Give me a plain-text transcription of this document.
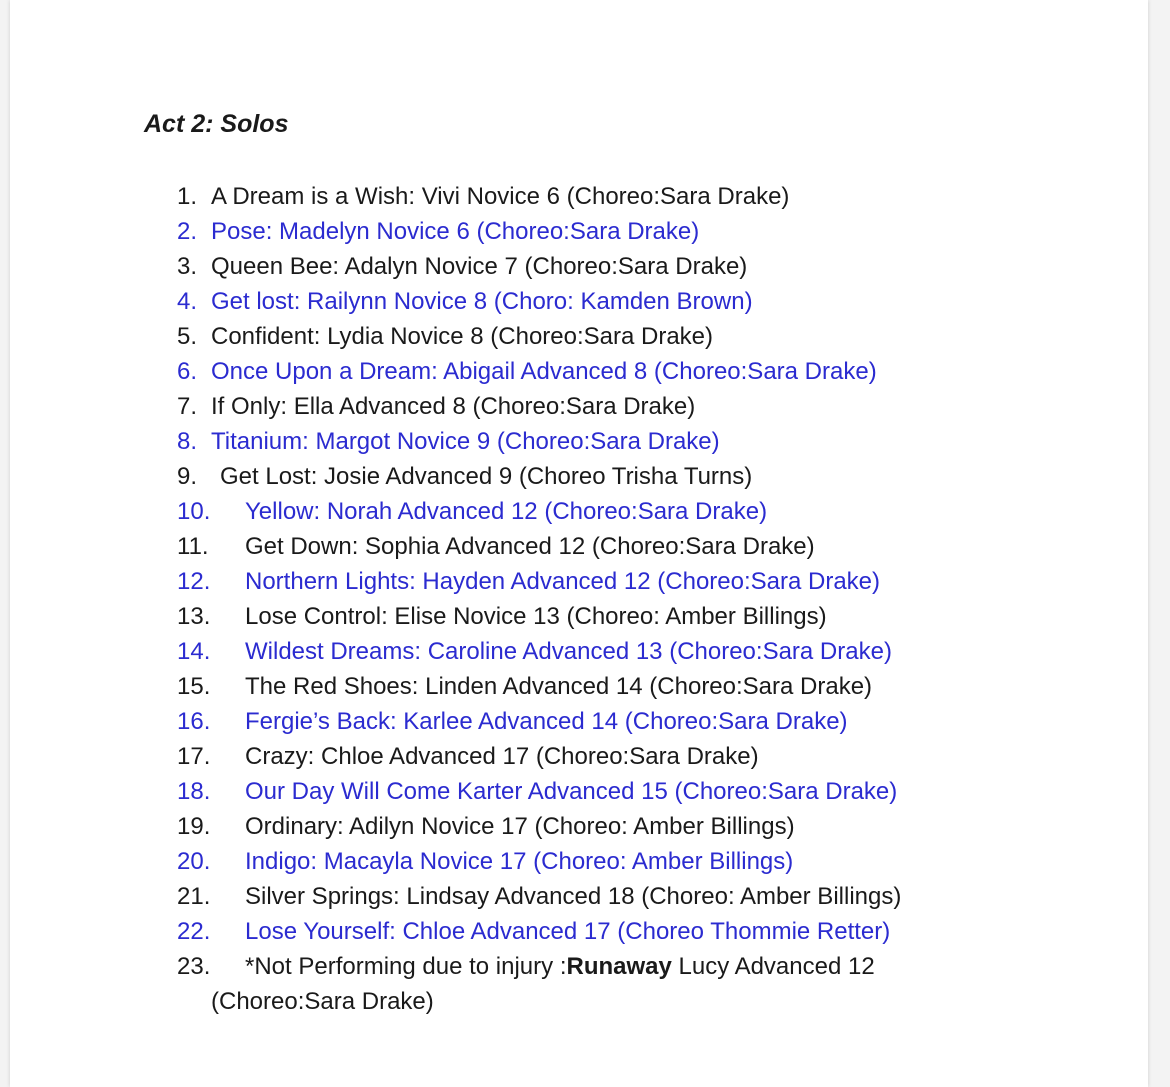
Act 2: Solos
1. A Dream is a Wish: Vivi Novice 6 (Choreo:Sara Drake)
2. Pose: Madelyn Novice 6 (Choreo:Sara Drake)
3. Queen Bee: Adalyn Novice 7 (Choreo:Sara Drake)
4. Get lost: Railynn Novice 8 (Choro: Kamden Brown)
5. Confident: Lydia Novice 8 (Choreo:Sara Drake)
6. Once Upon a Dream: Abigail Advanced 8 (Choreo:Sara Drake)
7. If Only: Ella Advanced 8 (Choreo:Sara Drake)
8. Titanium: Margot Novice 9 (Choreo:Sara Drake)
9. Get Lost: Josie Advanced 9 (Choreo Trisha Turns)
10. Yellow: Norah Advanced 12 (Choreo:Sara Drake)
11. Get Down: Sophia Advanced 12 (Choreo:Sara Drake)
12. Northern Lights: Hayden Advanced 12 (Choreo:Sara Drake)
13. Lose Control: Elise Novice 13 (Choreo: Amber Billings)
14. Wildest Dreams: Caroline Advanced 13 (Choreo:Sara Drake)
15. The Red Shoes: Linden Advanced 14 (Choreo:Sara Drake)
16. Fergie’s Back: Karlee Advanced 14 (Choreo:Sara Drake)
17. Crazy: Chloe Advanced 17 (Choreo:Sara Drake)
18. Our Day Will Come Karter Advanced 15 (Choreo:Sara Drake)
19. Ordinary: Adilyn Novice 17 (Choreo: Amber Billings)
20. Indigo: Macayla Novice 17 (Choreo: Amber Billings)
21. Silver Springs: Lindsay Advanced 18 (Choreo: Amber Billings)
22. Lose Yourself: Chloe Advanced 17 (Choreo Thommie Retter)
23. *Not Performing due to injury :Runaway Lucy Advanced 12
(Choreo:Sara Drake)
